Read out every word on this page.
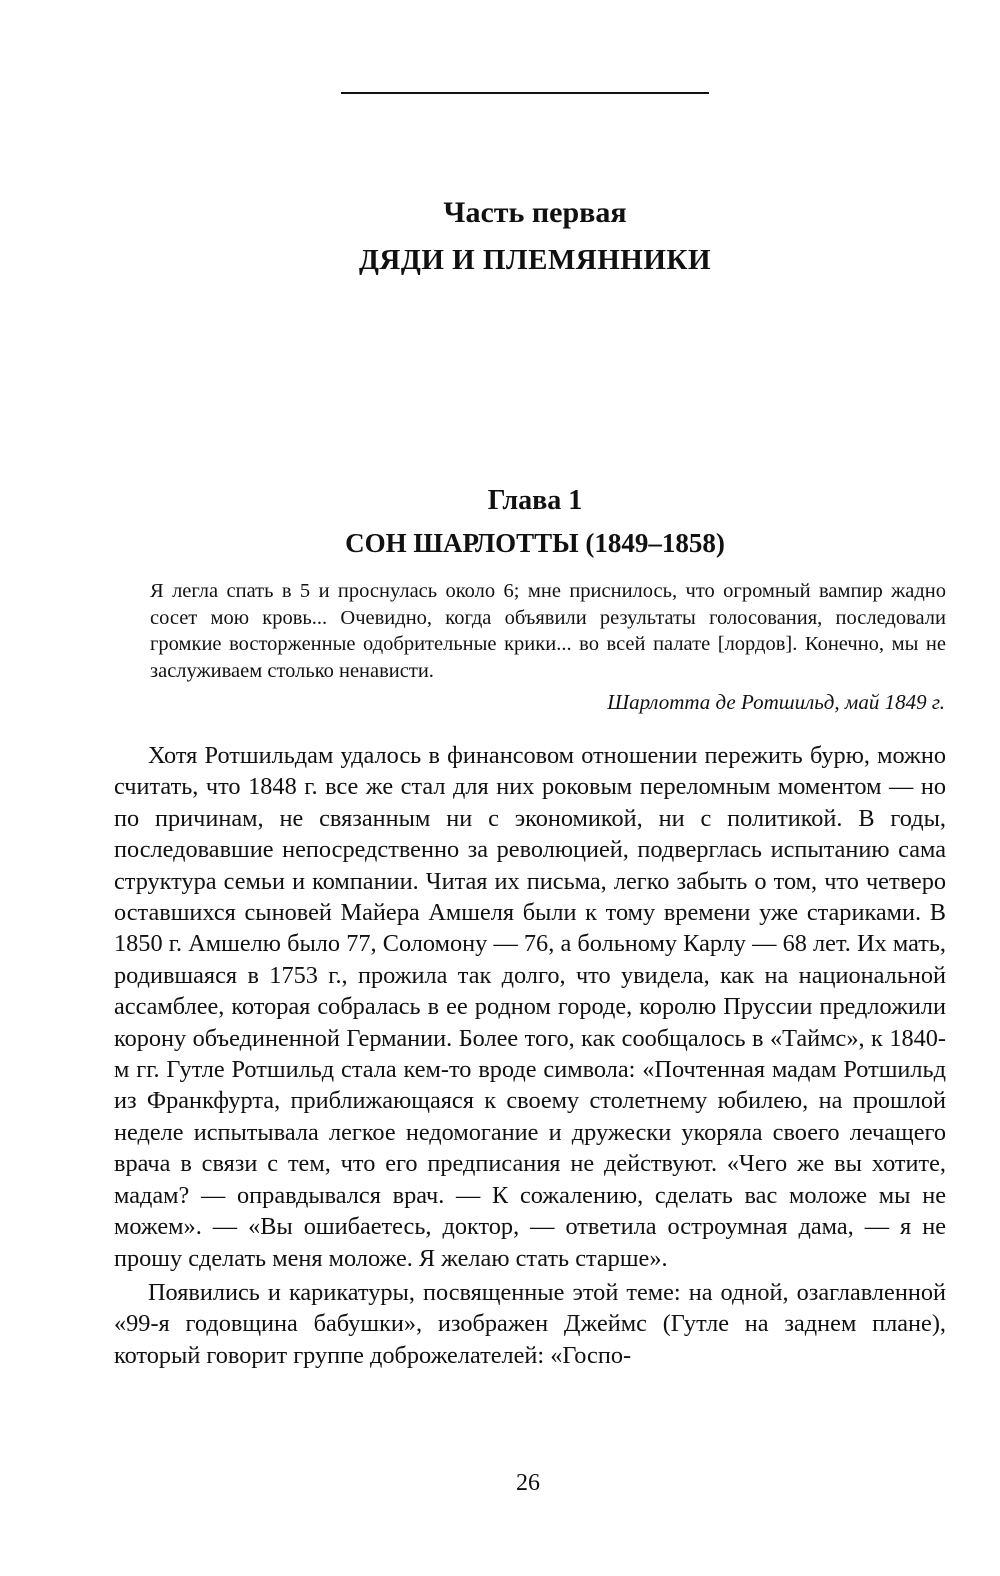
Часть первая
ДЯДИ И ПЛЕМЯННИКИ
Глава 1
СОН ШАРЛОТТЫ (1849–1858)

Я легла спать в 5 и проснулась около 6; мне приснилось, что огромный вампир жадно сосет мою кровь... Очевидно, когда объявили результаты голосования, последовали громкие восторженные одобрительные крики... во всей палате [лордов]. Конечно, мы не заслуживаем столько ненависти.

Шарлотта де Ротшильд, май 1849 г.

Хотя Ротшильдам удалось в финансовом отношении пережить бурю, можно считать, что 1848 г. все же стал для них роковым переломным моментом — но по причинам, не связанным ни с экономикой, ни с политикой. В годы, последовавшие непосредственно за революцией, подверглась испытанию сама структура семьи и компании. Читая их письма, легко забыть о том, что четверо оставшихся сыновей Майера Амшеля были к тому времени уже стариками. В 1850 г. Амшелю было 77, Соломону — 76, а больному Карлу — 68 лет. Их мать, родившаяся в 1753 г., прожила так долго, что увидела, как на национальной ассамблее, которая собралась в ее родном городе, королю Пруссии предложили корону объединенной Германии. Более того, как сообщалось в «Таймс», к 1840-м гг. Гутле Ротшильд стала кем-то вроде символа: «Почтенная мадам Ротшильд из Франкфурта, приближающаяся к своему столетнему юбилею, на прошлой неделе испытывала легкое недомогание и дружески укоряла своего лечащего врача в связи с тем, что его предписания не действуют. «Чего же вы хотите, мадам? — оправдывался врач. — К сожалению, сделать вас моложе мы не можем». — «Вы ошибаетесь, доктор, — ответила остроумная дама, — я не прошу сделать меня моложе. Я желаю стать старше».

Появились и карикатуры, посвященные этой теме: на одной, озаглавленной «99-я годовщина бабушки», изображен Джеймс (Гутле на заднем плане), который говорит группе доброжелателей: «Госпо-

26
